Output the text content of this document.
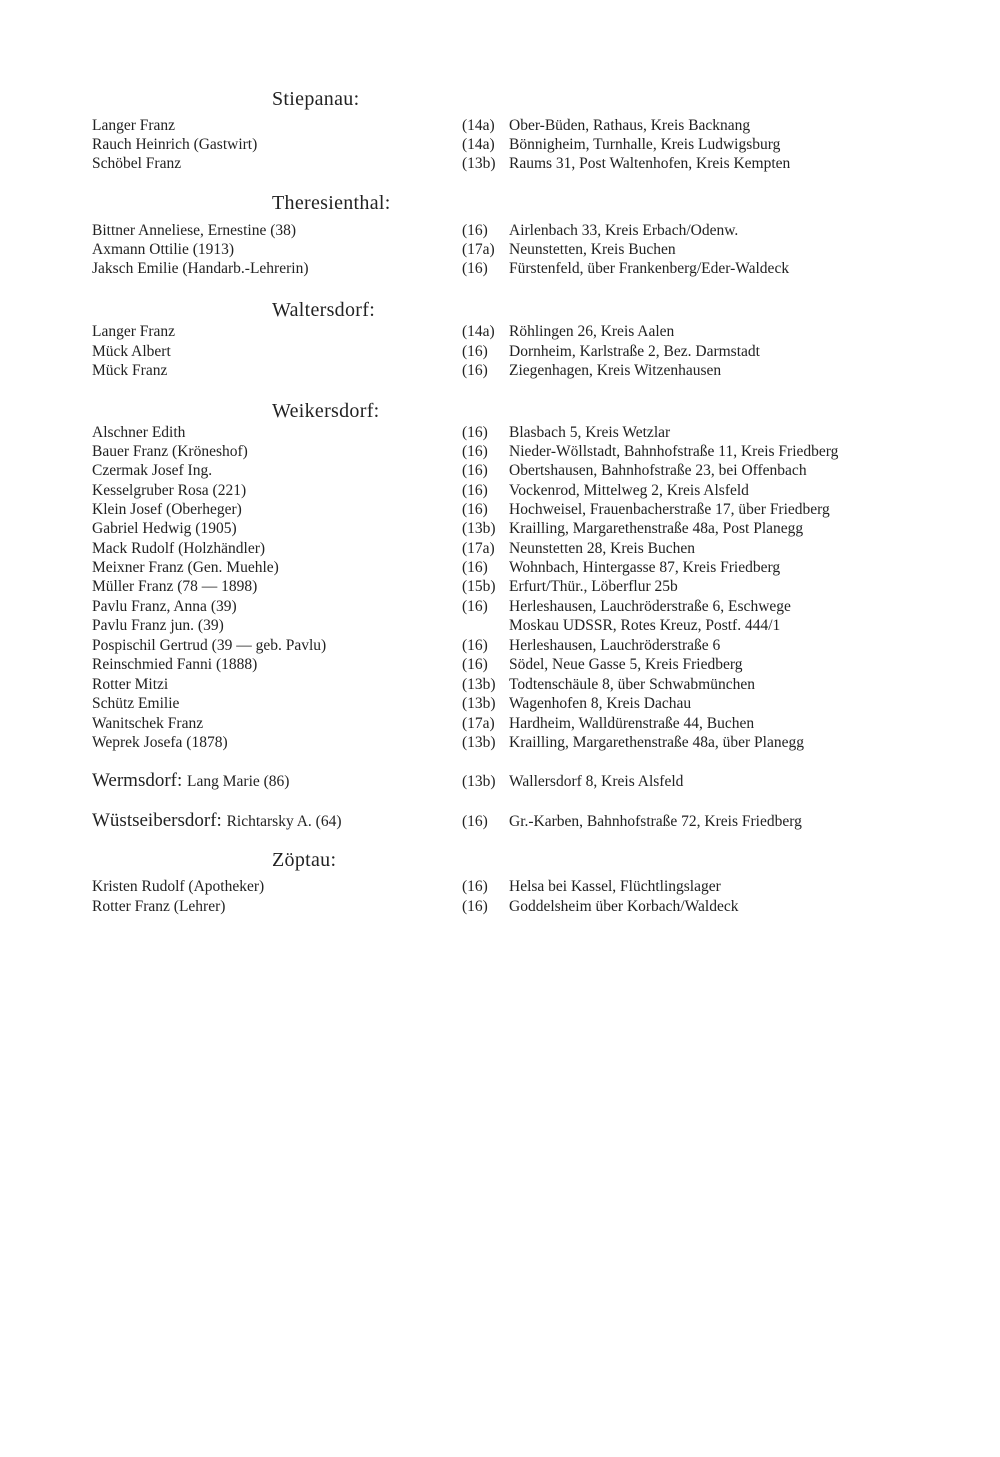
Stiepanau:
Langer Franz	(14a) Ober-Büden, Rathaus, Kreis Backnang
Rauch Heinrich (Gastwirt)	(14a) Bönnigheim, Turnhalle, Kreis Ludwigsburg
Schöbel Franz	(13b) Raums 31, Post Waltenhofen, Kreis Kempten
Theresienthal:
Bittner Anneliese, Ernestine (38)	(16) Airlenbach 33, Kreis Erbach/Odenw.
Axmann Ottilie (1913)	(17a) Neunstetten, Kreis Buchen
Jaksch Emilie (Handarb.-Lehrerin)	(16) Fürstenfeld, über Frankenberg/Eder-Waldeck
Waltersdorf:
Langer Franz	(14a) Röhlingen 26, Kreis Aalen
Mück Albert	(16) Dornheim, Karlstraße 2, Bez. Darmstadt
Mück Franz	(16) Ziegenhagen, Kreis Witzenhausen
Weikersdorf:
Alschner Edith	(16) Blasbach 5, Kreis Wetzlar
Bauer Franz (Kröneshof)	(16) Nieder-Wöllstadt, Bahnhofstraße 11, Kreis Friedberg
Czermak Josef Ing.	(16) Obertshausen, Bahnhofstraße 23, bei Offenbach
Kesselgruber Rosa (221)	(16) Vockenrod, Mittelweg 2, Kreis Alsfeld
Klein Josef (Oberheger)	(16) Hochweisel, Frauenbacherstraße 17, über Friedberg
Gabriel Hedwig (1905)	(13b) Krailling, Margarethenstraße 48a, Post Planegg
Mack Rudolf (Holzhändler)	(17a) Neunstetten 28, Kreis Buchen
Meixner Franz (Gen. Muehle)	(16) Wohnbach, Hintergasse 87, Kreis Friedberg
Müller Franz (78 — 1898)	(15b) Erfurt/Thür., Löberflur 25b
Pavlu Franz, Anna (39)	(16) Herleshausen, Lauchröderstraße 6, Eschwege
Pavlu Franz jun. (39)	Moskau UDSSR, Rotes Kreuz, Postf. 444/1
Pospischil Gertrud (39 — geb. Pavlu)	(16) Herleshausen, Lauchröderstraße 6
Reinschmied Fanni (1888)	(16) Södel, Neue Gasse 5, Kreis Friedberg
Rotter Mitzi	(13b) Todtenschäule 8, über Schwabmünchen
Schütz Emilie	(13b) Wagenhofen 8, Kreis Dachau
Wanitschek Franz	(17a) Hardheim, Walldürenstraße 44, Buchen
Weprek Josefa (1878)	(13b) Krailling, Margarethenstraße 48a, über Planegg
Wermsdorf: Lang Marie (86)	(13b) Wallersdorf 8, Kreis Alsfeld
Wüstseibersdorf: Richtarsky A. (64)	(16) Gr.-Karben, Bahnhofstraße 72, Kreis Friedberg
Zöptau:
Kristen Rudolf (Apotheker)	(16) Helsa bei Kassel, Flüchtlingslager
Rotter Franz (Lehrer)	(16) Goddelsheim über Korbach/Waldeck
